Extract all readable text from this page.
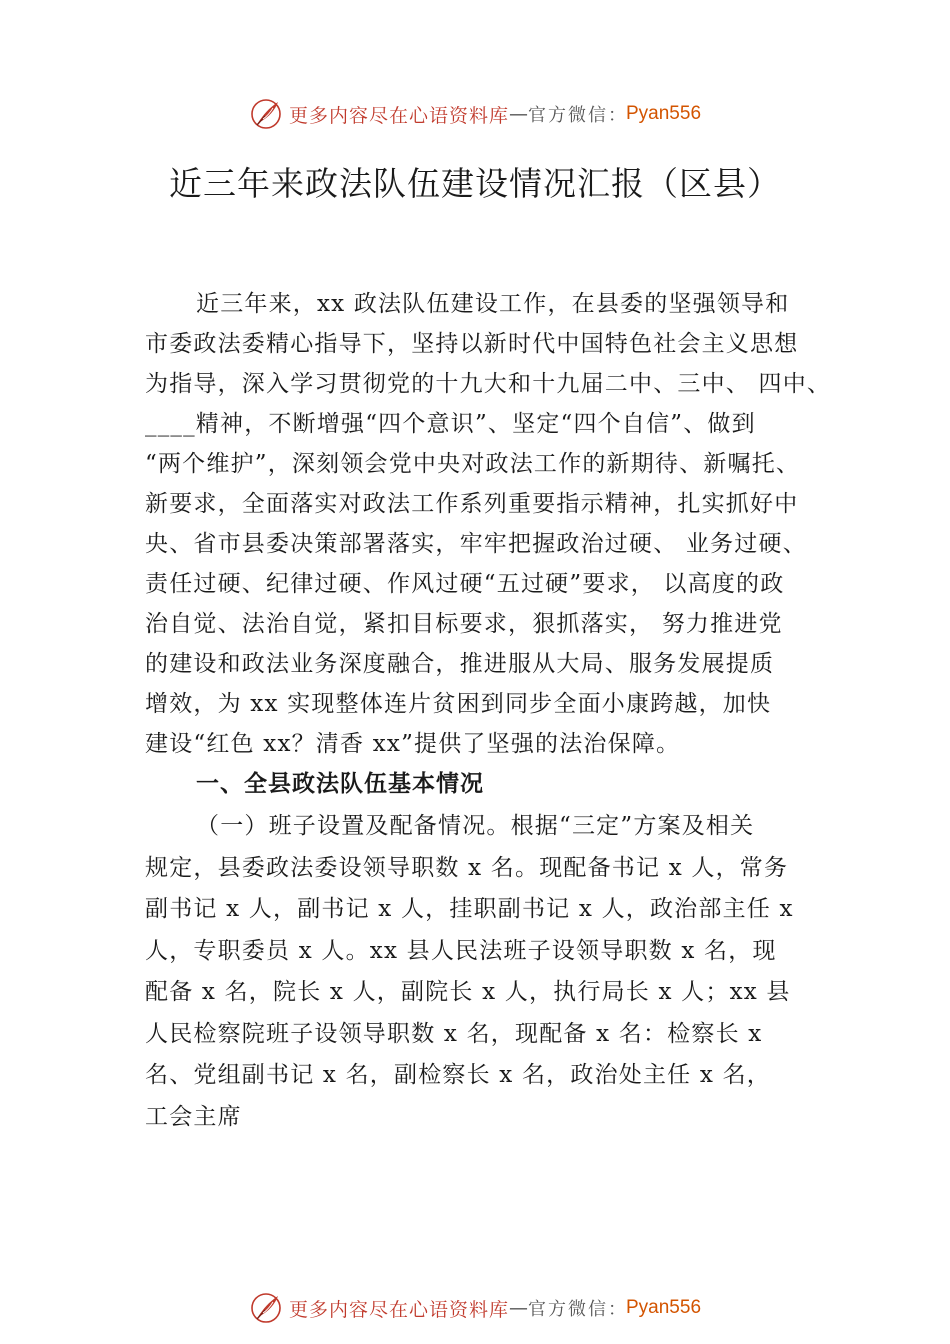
更多内容尽在心语资料库 — 官方微信 ： Pyan556
近三年来政法队伍建设情况汇报（区县）
近三年来，xx 政法队伍建设工作，在县委的坚强领导和
市委政法委精心指导下，坚持以新时代中国特色社会主义思想
为指导，深入学习贯彻党的十九大和十九届二中、三中、 四中、
____精神，不断增强“四个意识”、坚定“四个自信”、做到
“两个维护”，深刻领会党中央对政法工作的新期待、新嘱托、
新要求，全面落实对政法工作系列重要指示精神，扎实抓好中
央、省市县委决策部署落实，牢牢把握政治过硬、 业务过硬、
责任过硬、纪律过硬、作风过硬“五过硬”要求， 以高度的政
治自觉、法治自觉，紧扣目标要求，狠抓落实， 努力推进党
的建设和政法业务深度融合，推进服从大局、服务发展提质
增效，为 xx 实现整体连片贫困到同步全面小康跨越，加快
建设“红色 xx？清香 xx”提供了坚强的法治保障。
一、全县政法队伍基本情况
（一）班子设置及配备情况。根据“三定”方案及相关
规定，县委政法委设领导职数 x 名。现配备书记 x 人，常务
副书记 x 人，副书记 x 人，挂职副书记 x 人，政治部主任 x
人，专职委员 x 人。xx 县人民法班子设领导职数 x 名，现
配备 x 名，院长 x 人，副院长 x 人，执行局长 x 人；xx 县
人民检察院班子设领导职数 x 名，现配备 x 名：检察长 x
名、党组副书记 x 名，副检察长 x 名，政治处主任 x 名，
工会主席
更多内容尽在心语资料库 — 官方微信 ： Pyan556
